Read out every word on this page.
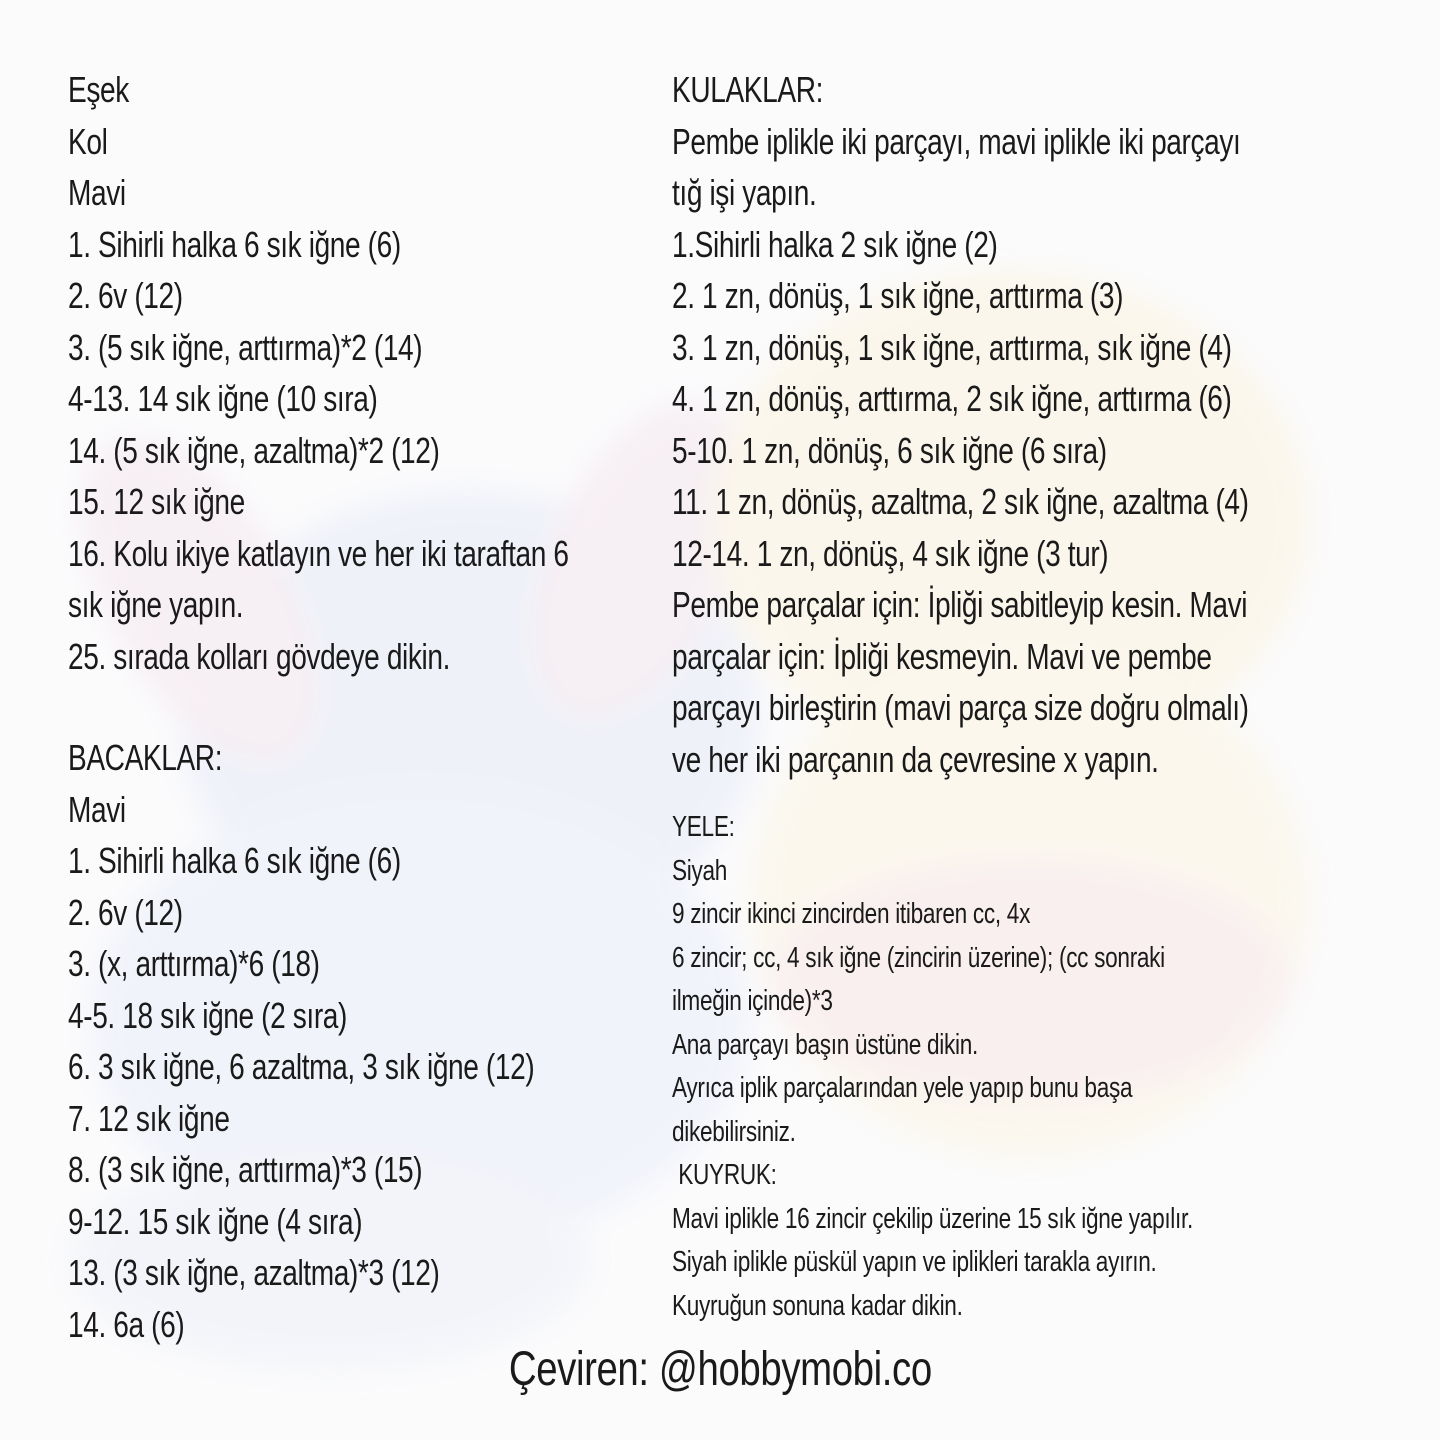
Eşek
Kol
Mavi
1. Sihirli halka 6 sık iğne (6)
2. 6v (12)
3. (5 sık iğne, arttırma)*2 (14)
4-13. 14 sık iğne (10 sıra)
14. (5 sık iğne, azaltma)*2 (12)
15. 12 sık iğne
16. Kolu ikiye katlayın ve her iki taraftan 6
sık iğne yapın.
25. sırada kolları gövdeye dikin.
BACAKLAR:
Mavi
1. Sihirli halka 6 sık iğne (6)
2. 6v (12)
3. (x, arttırma)*6 (18)
4-5. 18 sık iğne (2 sıra)
6. 3 sık iğne, 6 azaltma, 3 sık iğne (12)
7. 12 sık iğne
8. (3 sık iğne, arttırma)*3 (15)
9-12. 15 sık iğne (4 sıra)
13. (3 sık iğne, azaltma)*3 (12)
14. 6a (6)
KULAKLAR:
Pembe iplikle iki parçayı, mavi iplikle iki parçayı
tığ işi yapın.
1.Sihirli halka 2 sık iğne (2)
2. 1 zn, dönüş, 1 sık iğne, arttırma (3)
3. 1 zn, dönüş, 1 sık iğne, arttırma, sık iğne (4)
4. 1 zn, dönüş, arttırma, 2 sık iğne, arttırma (6)
5-10. 1 zn, dönüş, 6 sık iğne (6 sıra)
11. 1 zn, dönüş, azaltma, 2 sık iğne, azaltma (4)
12-14. 1 zn, dönüş, 4 sık iğne (3 tur)
Pembe parçalar için: İpliği sabitleyip kesin. Mavi
parçalar için: İpliği kesmeyin. Mavi ve pembe
parçayı birleştirin (mavi parça size doğru olmalı)
ve her iki parçanın da çevresine x yapın.
YELE:
Siyah
9 zincir ikinci zincirden itibaren cc, 4x
6 zincir; cc, 4 sık iğne (zincirin üzerine); (cc sonraki
ilmeğin içinde)*3
Ana parçayı başın üstüne dikin.
Ayrıca iplik parçalarından yele yapıp bunu başa
dikebilirsiniz.
KUYRUK:
Mavi iplikle 16 zincir çekilip üzerine 15 sık iğne yapılır.
Siyah iplikle püskül yapın ve iplikleri tarakla ayırın.
Kuyruğun sonuna kadar dikin.
Çeviren: @hobbymobi.co
